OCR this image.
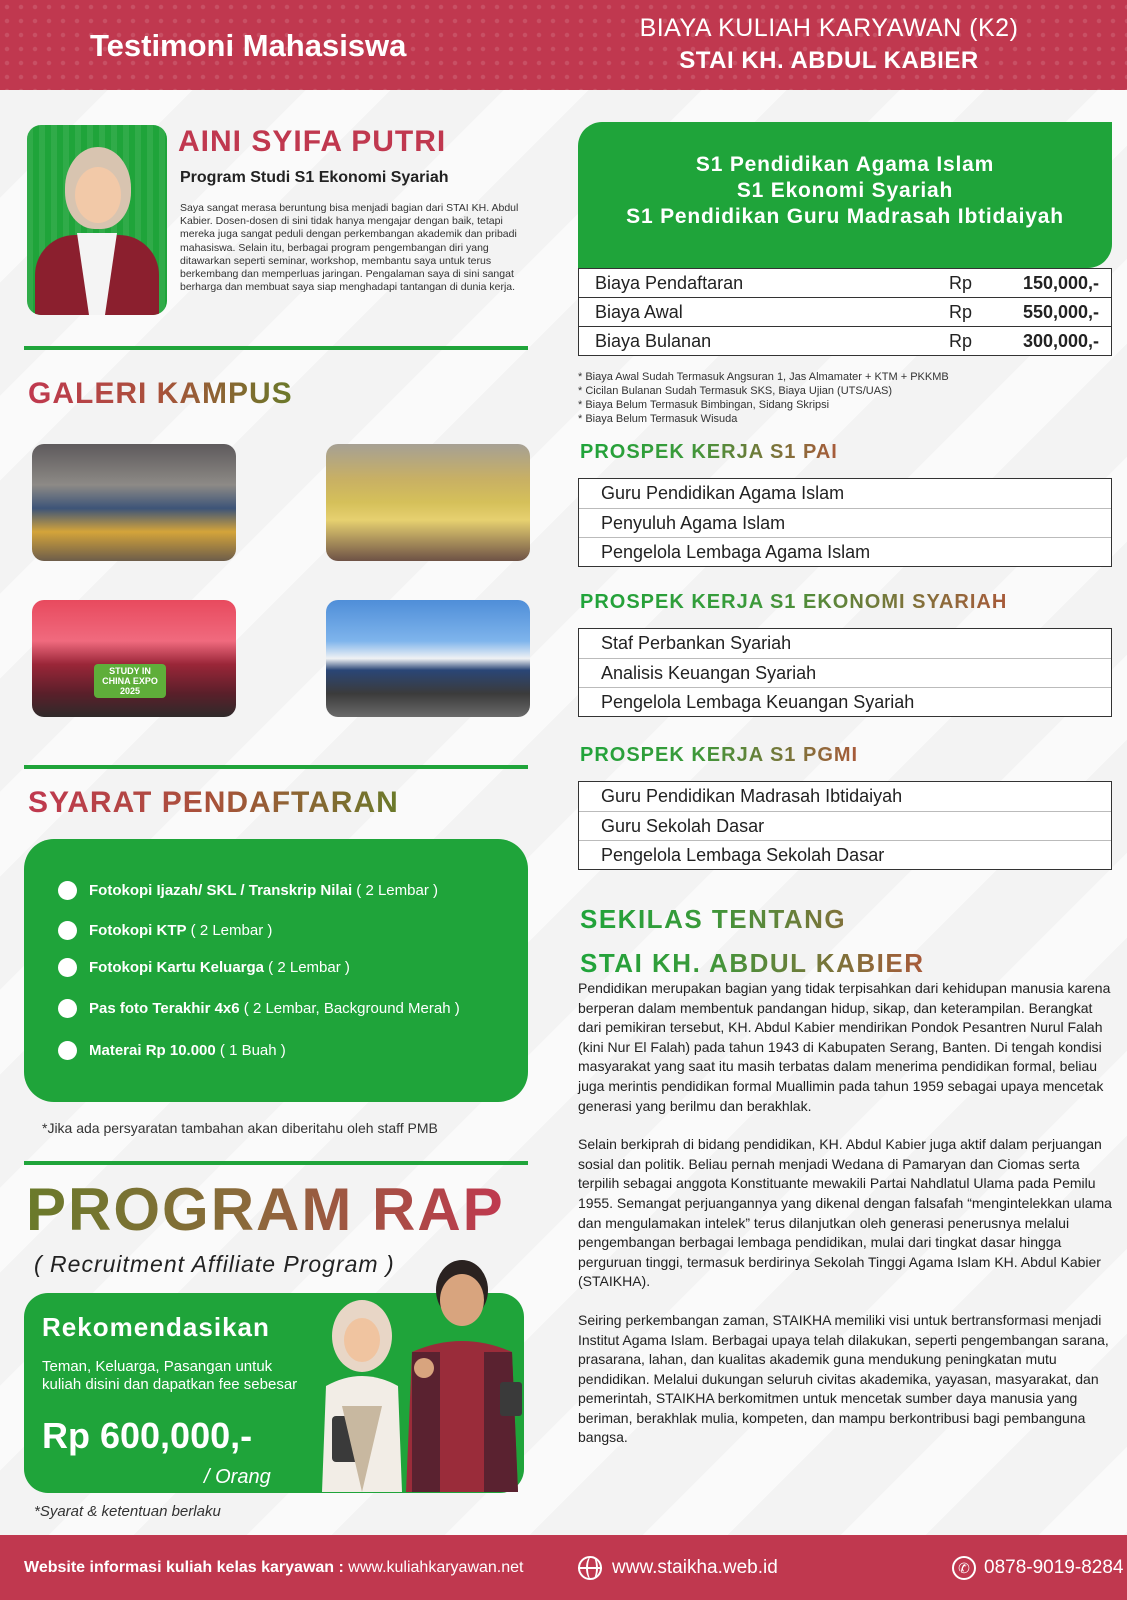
Testimoni Mahasiswa	BIAYA KULIAH KARYAWAN (K2)
STAI KH. ABDUL KABIER
AINI SYIFA PUTRI
Program Studi S1 Ekonomi Syariah
Saya sangat merasa beruntung bisa menjadi bagian dari STAI KH. Abdul Kabier. Dosen-dosen di sini tidak hanya mengajar dengan baik, tetapi mereka juga sangat peduli dengan perkembangan akademik dan pribadi mahasiswa. Selain itu, berbagai program pengembangan diri yang ditawarkan seperti seminar, workshop, membantu saya untuk terus berkembang dan memperluas jaringan. Pengalaman saya di sini sangat berharga dan membuat saya siap menghadapi tantangan di dunia kerja.
GALERI KAMPUS
STUDY IN CHINA EXPO 2025
SYARAT PENDAFTARAN
Fotokopi Ijazah/ SKL / Transkrip Nilai ( 2 Lembar )
Fotokopi KTP ( 2 Lembar )
Fotokopi Kartu Keluarga ( 2 Lembar )
Pas foto Terakhir 4x6 ( 2 Lembar, Background Merah )
Materai Rp 10.000 ( 1 Buah )
*Jika ada persyaratan tambahan akan diberitahu oleh staff PMB
PROGRAM RAP
( Recruitment Affiliate Program )
Rekomendasikan
Teman, Keluarga, Pasangan untuk kuliah disini dan dapatkan fee sebesar
Rp 600,000,-
/ Orang
*Syarat & ketentuan berlaku
S1 Pendidikan Agama Islam
S1 Ekonomi Syariah
S1 Pendidikan Guru Madrasah Ibtidaiyah
Biaya Pendaftaran	Rp	150,000,-
Biaya Awal	Rp	550,000,-
Biaya Bulanan	Rp	300,000,-
* Biaya Awal Sudah Termasuk Angsuran 1, Jas Almamater + KTM + PKKMB
* Cicilan Bulanan Sudah Termasuk SKS, Biaya Ujian (UTS/UAS)
* Biaya Belum Termasuk Bimbingan, Sidang Skripsi
* Biaya Belum Termasuk Wisuda
PROSPEK KERJA S1 PAI
Guru Pendidikan Agama Islam
Penyuluh Agama Islam
Pengelola Lembaga Agama Islam
PROSPEK KERJA S1 EKONOMI SYARIAH
Staf Perbankan Syariah
Analisis Keuangan Syariah
Pengelola Lembaga Keuangan Syariah
PROSPEK KERJA S1 PGMI
Guru Pendidikan Madrasah Ibtidaiyah
Guru Sekolah Dasar
Pengelola Lembaga Sekolah Dasar
SEKILAS TENTANG
STAI KH. ABDUL KABIER

Pendidikan merupakan bagian yang tidak terpisahkan dari kehidupan manusia karena berperan dalam membentuk pandangan hidup, sikap, dan keterampilan. Berangkat dari pemikiran tersebut, KH. Abdul Kabier mendirikan Pondok Pesantren Nurul Falah (kini Nur El Falah) pada tahun 1943 di Kabupaten Serang, Banten. Di tengah kondisi masyarakat yang saat itu masih terbatas dalam menerima pendidikan formal, beliau juga merintis pendidikan formal Muallimin pada tahun 1959 sebagai upaya mencetak generasi yang berilmu dan berakhlak.

Selain berkiprah di bidang pendidikan, KH. Abdul Kabier juga aktif dalam perjuangan sosial dan politik. Beliau pernah menjadi Wedana di Pamaryan dan Ciomas serta terpilih sebagai anggota Konstituante mewakili Partai Nahdlatul Ulama pada Pemilu 1955. Semangat perjuangannya yang dikenal dengan falsafah “mengintelekkan ulama dan mengulamakan intelek” terus dilanjutkan oleh generasi penerusnya melalui pengembangan berbagai lembaga pendidikan, mulai dari tingkat dasar hingga perguruan tinggi, termasuk berdirinya Sekolah Tinggi Agama Islam KH. Abdul Kabier (STAIKHA).

Seiring perkembangan zaman, STAIKHA memiliki visi untuk bertransformasi menjadi Institut Agama Islam. Berbagai upaya telah dilakukan, seperti pengembangan sarana, prasarana, lahan, dan kualitas akademik guna mendukung peningkatan mutu pendidikan. Melalui dukungan seluruh civitas akademika, yayasan, masyarakat, dan pemerintah, STAIKHA berkomitmen untuk mencetak sumber daya manusia yang beriman, berakhlak mulia, kompeten, dan mampu berkontribusi bagi pembanguna bangsa.

Website informasi kuliah kelas karyawan : www.kuliahkaryawan.net	www.staikha.web.id	✆ 0878-9019-8284
